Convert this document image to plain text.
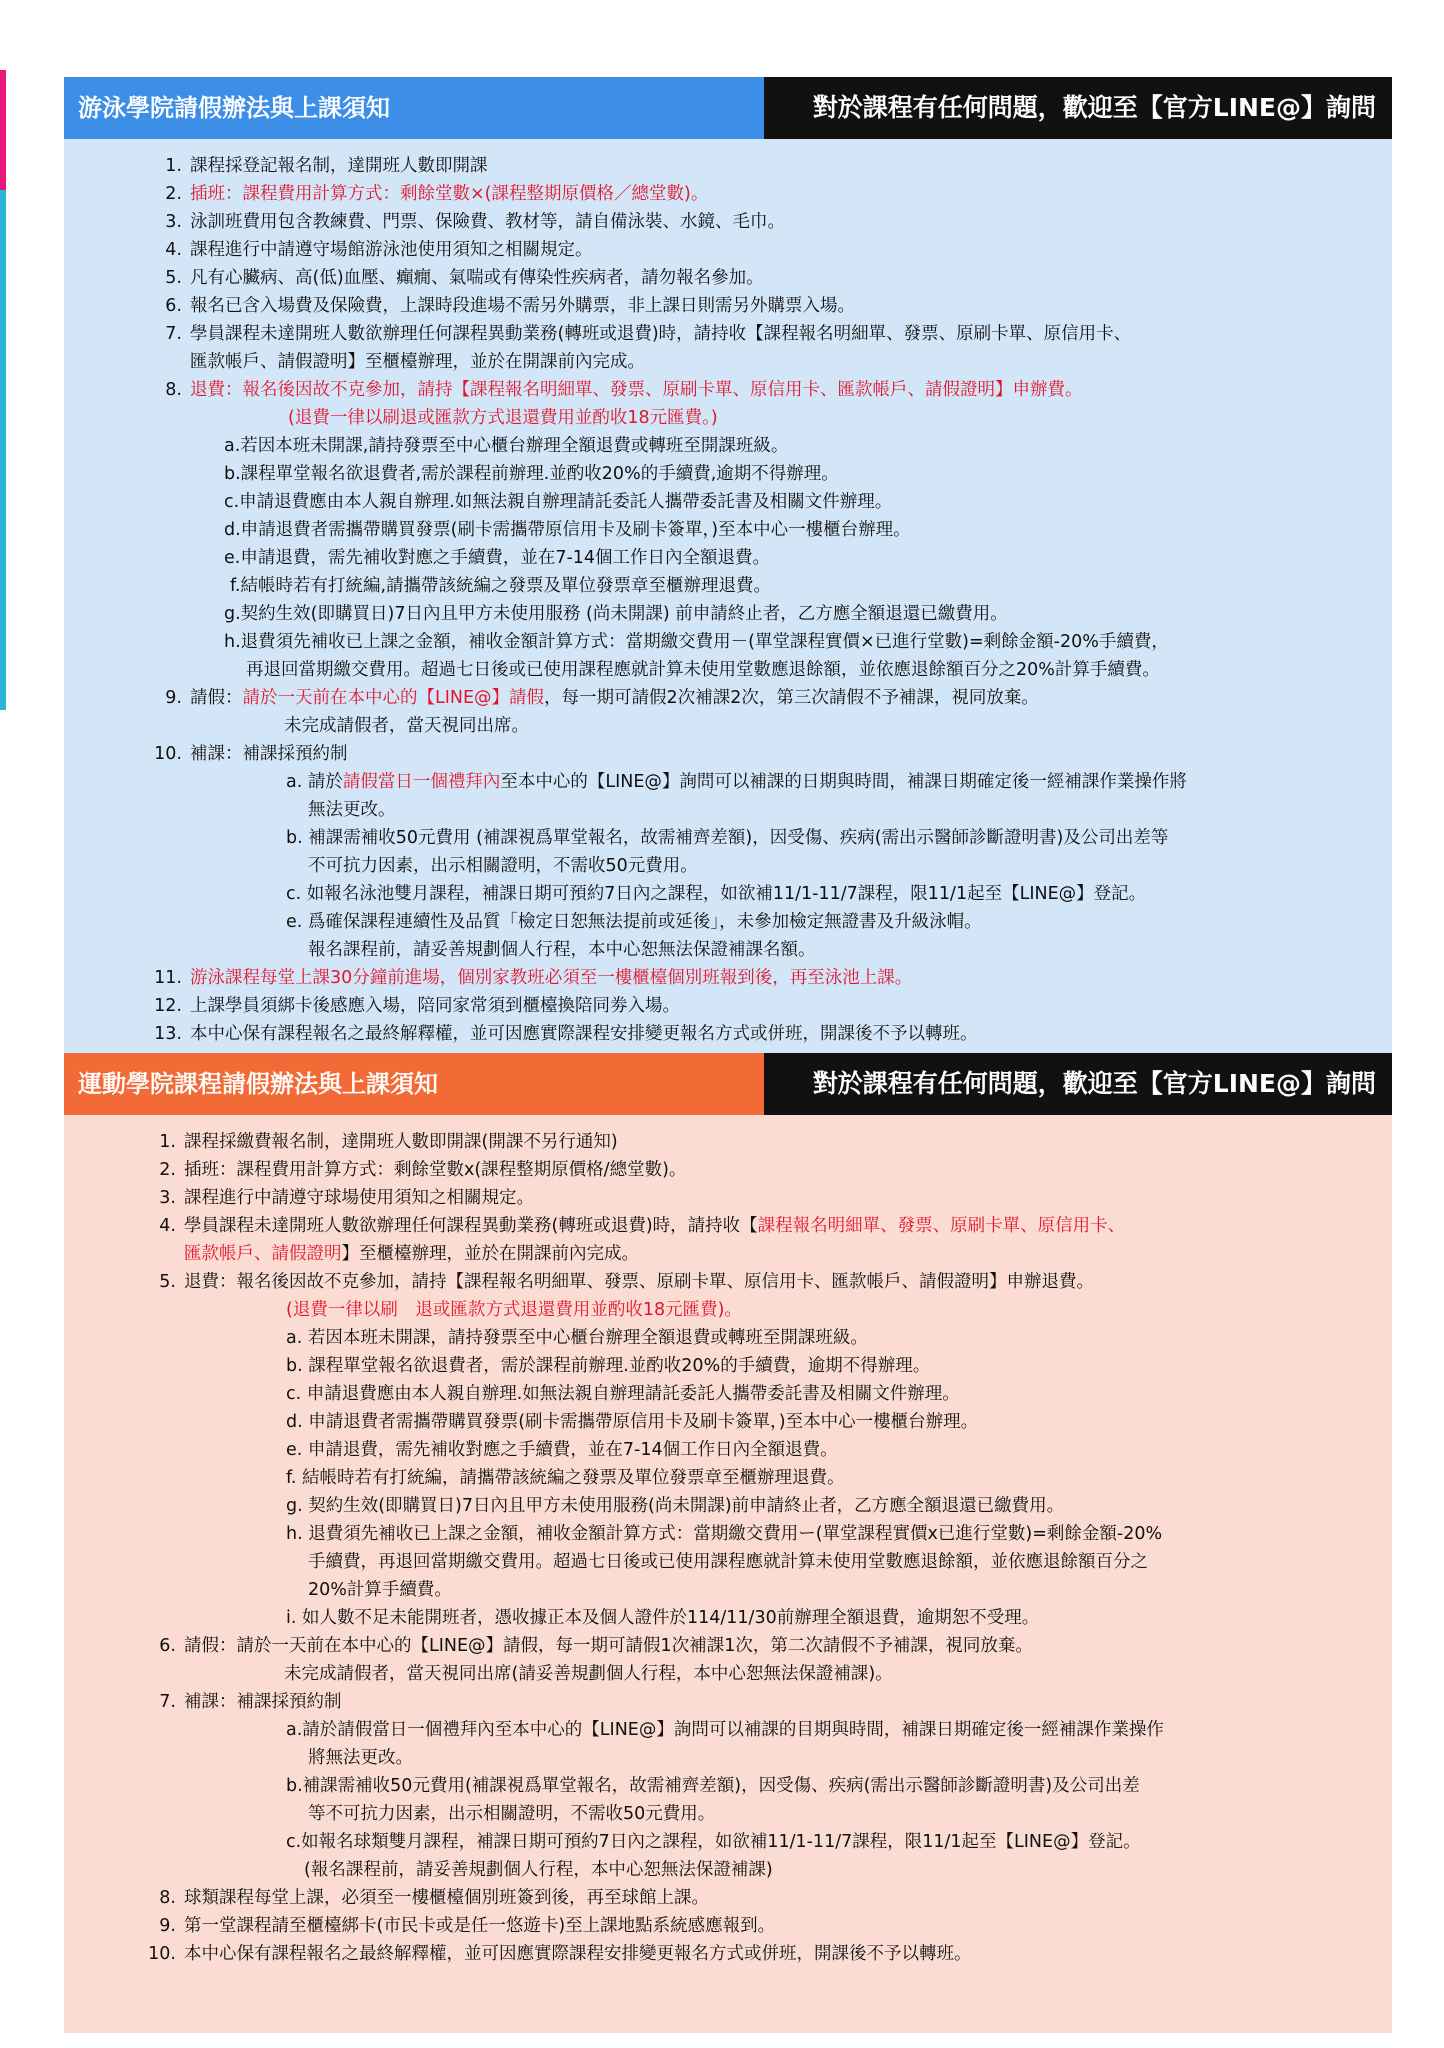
游泳學院請假辦法與上課須知	對於課程有任何問題，歡迎至【官方LINE@】詢問
1. 課程採登記報名制，達開班人數即開課
2. 插班：課程費用計算方式：剩餘堂數×(課程整期原價格／總堂數)。
3. 泳訓班費用包含教練費、門票、保險費、教材等，請自備泳裝、水鏡、毛巾。
4. 課程進行中請遵守場館游泳池使用須知之相關規定。
5. 凡有心臟病、高(低)血壓、癲癇、氣喘或有傳染性疾病者，請勿報名參加。
6. 報名已含入場費及保險費，上課時段進場不需另外購票，非上課日則需另外購票入場。
7. 學員課程未達開班人數欲辦理任何課程異動業務(轉班或退費)時，請持收【課程報名明細單、發票、原刷卡單、原信用卡、
匯款帳戶、請假證明】至櫃檯辦理，並於在開課前內完成。
8. 退費：報名後因故不克參加，請持【課程報名明細單、發票、原刷卡單、原信用卡、匯款帳戶、請假證明】申辦費。
(退費一律以刷退或匯款方式退還費用並酌收18元匯費。)
a.若因本班未開課,請持發票至中心櫃台辦理全額退費或轉班至開課班級。
b.課程單堂報名欲退費者,需於課程前辦理.並酌收20%的手續費,逾期不得辦理。
c.申請退費應由本人親自辦理.如無法親自辦理請託委託人攜帶委託書及相關文件辦理。
d.申請退費者需攜帶購買發票(刷卡需攜帶原信用卡及刷卡簽單，)至本中心一樓櫃台辦理。
e.申請退費，需先補收對應之手續費，並在7-14個工作日內全額退費。
f.結帳時若有打統編,請攜帶該統編之發票及單位發票章至櫃辦理退費。
g.契約生效(即購買日)7日內且甲方未使用服務 (尚未開課) 前申請終止者，乙方應全額退還已繳費用。
h.退費須先補收已上課之金額，補收金額計算方式：當期繳交費用－(單堂課程實價×已進行堂數)=剩餘金額-20%手續費，
再退回當期繳交費用。超過七日後或已使用課程應就計算未使用堂數應退餘額，並依應退餘額百分之20%計算手續費。
9. 請假：請於一天前在本中心的【LINE@】請假，每一期可請假2次補課2次，第三次請假不予補課，視同放棄。
未完成請假者，當天視同出席。
10. 補課：補課採預約制
a. 請於請假當日一個禮拜內至本中心的【LINE@】詢問可以補課的日期與時間，補課日期確定後一經補課作業操作將
無法更改。
b. 補課需補收50元費用 (補課視爲單堂報名，故需補齊差額)，因受傷、疾病(需出示醫師診斷證明書)及公司出差等
不可抗力因素，出示相關證明，不需收50元費用。
c. 如報名泳池雙月課程，補課日期可預約7日內之課程，如欲補11/1-11/7課程，限11/1起至【LINE@】登記。
e. 爲確保課程連續性及品質「檢定日恕無法提前或延後」，未參加檢定無證書及升級泳帽。
報名課程前，請妥善規劃個人行程，本中心恕無法保證補課名額。
11. 游泳課程每堂上課30分鐘前進場，個別家教班必須至一樓櫃檯個別班報到後，再至泳池上課。
12. 上課學員須綁卡後感應入場，陪同家常須到櫃檯換陪同劵入場。
13. 本中心保有課程報名之最終解釋權，並可因應實際課程安排變更報名方式或併班，開課後不予以轉班。
運動學院課程請假辦法與上課須知	對於課程有任何問題，歡迎至【官方LINE@】詢問
1. 課程採繳費報名制，達開班人數即開課(開課不另行通知)
2. 插班：課程費用計算方式：剩餘堂數x(課程整期原價格/總堂數)。
3. 課程進行中請遵守球場使用須知之相關規定。
4. 學員課程未達開班人數欲辦理任何課程異動業務(轉班或退費)時，請持收【課程報名明細單、發票、原刷卡單、原信用卡、
匯款帳戶、請假證明】至櫃檯辦理，並於在開課前內完成。
5. 退費：報名後因故不克參加，請持【課程報名明細單、發票、原刷卡單、原信用卡、匯款帳戶、請假證明】申辦退費。
(退費一律以刷　退或匯款方式退還費用並酌收18元匯費)。
a. 若因本班未開課，請持發票至中心櫃台辦理全額退費或轉班至開課班級。
b. 課程單堂報名欲退費者，需於課程前辦理.並酌收20%的手續費，逾期不得辦理。
c. 申請退費應由本人親自辦理.如無法親自辦理請託委託人攜帶委託書及相關文件辦理。
d. 申請退費者需攜帶購買發票(刷卡需攜帶原信用卡及刷卡簽單，)至本中心一樓櫃台辦理。
e. 申請退費，需先補收對應之手續費，並在7-14個工作日內全額退費。
f. 結帳時若有打統編，請攜帶該統編之發票及單位發票章至櫃辦理退費。
g. 契約生效(即購買日)7日內且甲方未使用服務(尚未開課)前申請終止者，乙方應全額退還已繳費用。
h. 退費須先補收已上課之金額，補收金額計算方式：當期繳交費用ー(單堂課程實價x已進行堂數)=剩餘金額-20%
手續費，再退回當期繳交費用。超過七日後或已使用課程應就計算未使用堂數應退餘額，並依應退餘額百分之
20%計算手續費。
i. 如人數不足未能開班者，憑收據正本及個人證件於114/11/30前辦理全額退費，逾期恕不受理。
6. 請假：請於一天前在本中心的【LINE@】請假，每一期可請假1次補課1次，第二次請假不予補課，視同放棄。
未完成請假者，當天視同出席(請妥善規劃個人行程，本中心恕無法保證補課)。
7. 補課：補課採預約制
a.請於請假當日一個禮拜內至本中心的【LINE@】詢問可以補課的目期與時間，補課日期確定後一經補課作業操作
將無法更改。
b.補課需補收50元費用(補課視爲單堂報名，故需補齊差額)，因受傷、疾病(需出示醫師診斷證明書)及公司出差
等不可抗力因素，出示相關證明，不需收50元費用。
c.如報名球類雙月課程，補課日期可預約7日內之課程，如欲補11/1-11/7課程，限11/1起至【LINE@】登記。
(報名課程前，請妥善規劃個人行程，本中心恕無法保證補課)
8. 球類課程每堂上課，必須至一樓櫃檯個別班簽到後，再至球館上課。
9. 第一堂課程請至櫃檯綁卡(市民卡或是任一悠遊卡)至上課地點系統感應報到。
10. 本中心保有課程報名之最終解釋權，並可因應實際課程安排變更報名方式或併班，開課後不予以轉班。
